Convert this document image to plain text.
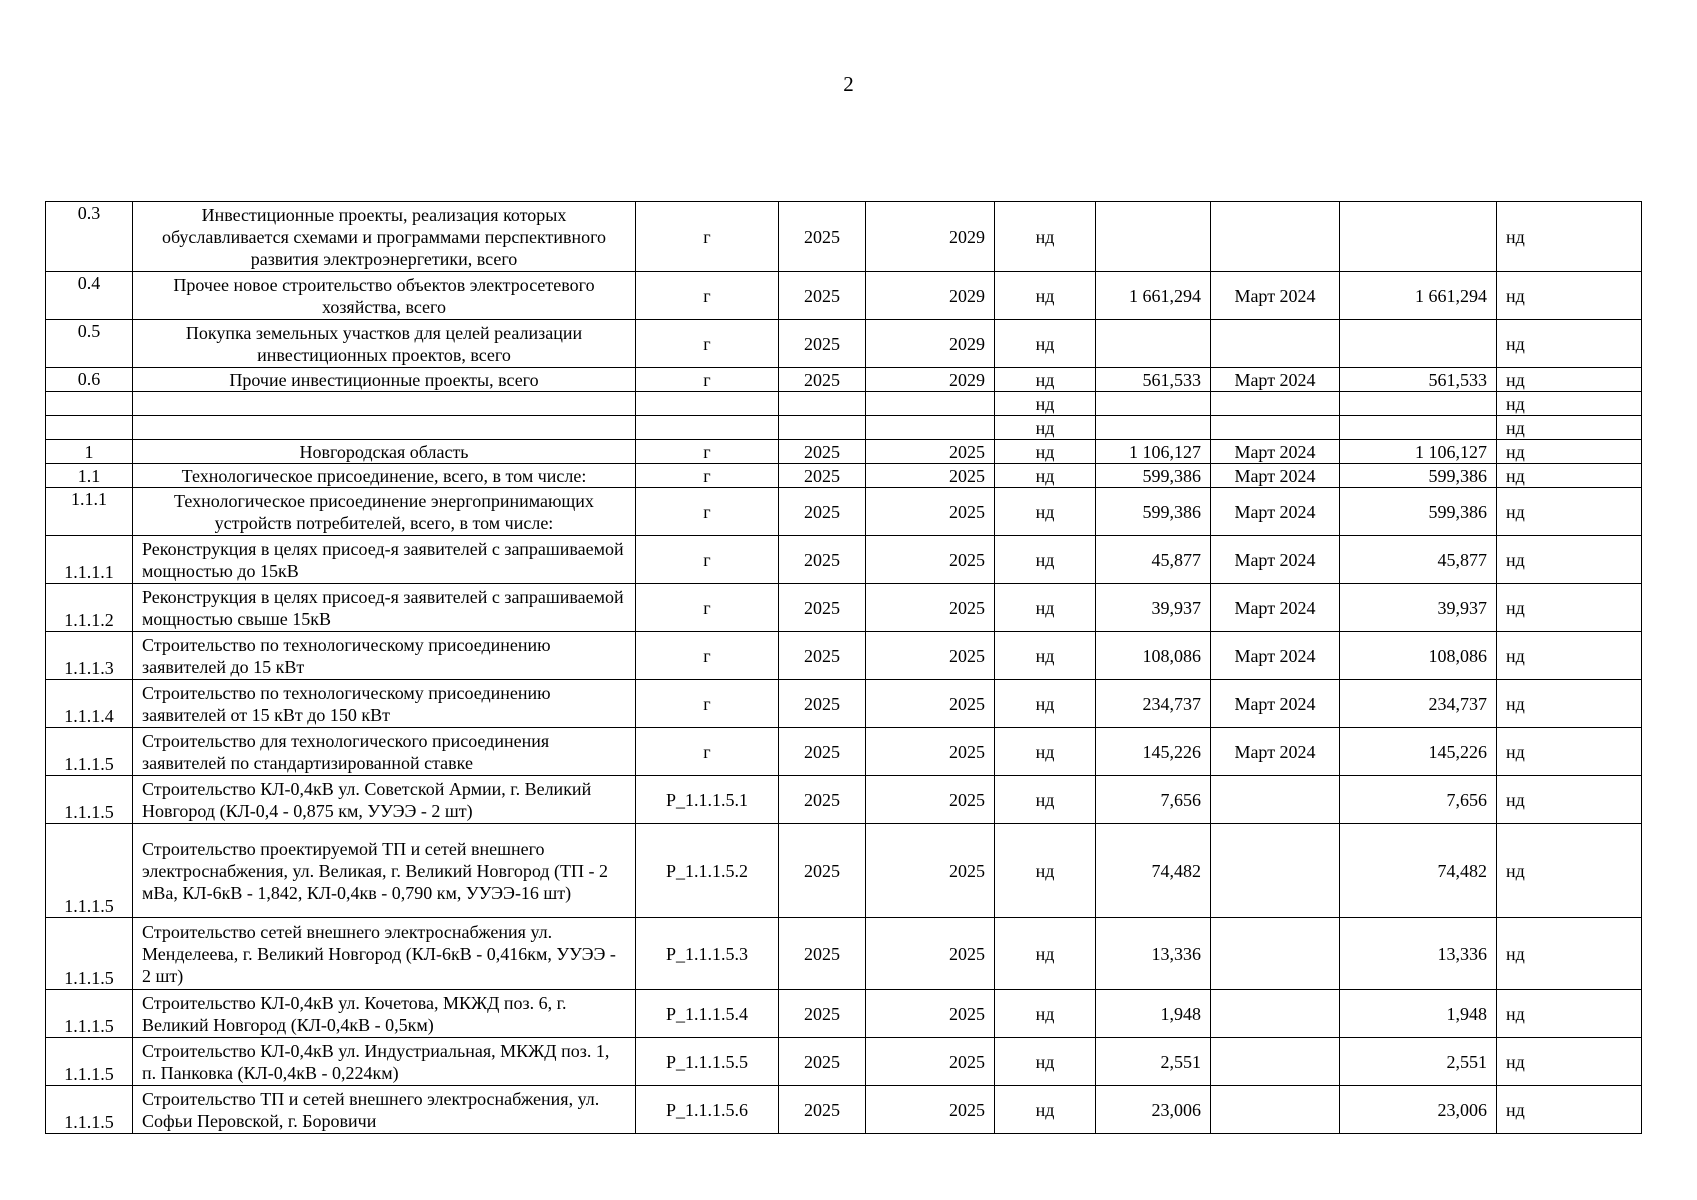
2
0.3	Инвестиционные проекты, реализация которых обуславливается схемами и программами перспективного развития электроэнергетики, всего	г	2025	2029	нд				нд
0.4	Прочее новое строительство объектов электросетевого хозяйства, всего	г	2025	2029	нд	1 661,294	Март 2024	1 661,294	нд
0.5	Покупка земельных участков для целей реализации инвестиционных проектов, всего	г	2025	2029	нд				нд
0.6	Прочие инвестиционные проекты, всего	г	2025	2029	нд	561,533	Март 2024	561,533	нд
					нд				нд
					нд				нд
1	Новгородская область	г	2025	2025	нд	1 106,127	Март 2024	1 106,127	нд
1.1	Технологическое присоединение, всего, в том числе:	г	2025	2025	нд	599,386	Март 2024	599,386	нд
1.1.1	Технологическое присоединение энергопринимающих устройств потребителей, всего, в том числе:	г	2025	2025	нд	599,386	Март 2024	599,386	нд
1.1.1.1	Реконструкция в целях присоед-я заявителей с запрашиваемой мощностью до 15кВ	г	2025	2025	нд	45,877	Март 2024	45,877	нд
1.1.1.2	Реконструкция в целях присоед-я заявителей с запрашиваемой мощностью свыше 15кВ	г	2025	2025	нд	39,937	Март 2024	39,937	нд
1.1.1.3	Строительство по технологическому присоединению заявителей до 15 кВт	г	2025	2025	нд	108,086	Март 2024	108,086	нд
1.1.1.4	Строительство по технологическому присоединению заявителей от 15 кВт до 150 кВт	г	2025	2025	нд	234,737	Март 2024	234,737	нд
1.1.1.5	Строительство для технологического присоединения заявителей по стандартизированной ставке	г	2025	2025	нд	145,226	Март 2024	145,226	нд
1.1.1.5	Строительство КЛ-0,4кВ ул. Советской Армии, г. Великий Новгород (КЛ-0,4 - 0,875 км, УУЭЭ - 2 шт)	P_1.1.1.5.1	2025	2025	нд	7,656		7,656	нд
1.1.1.5	Строительство проектируемой ТП и сетей внешнего электроснабжения, ул. Великая, г. Великий Новгород (ТП - 2 мВа, КЛ-6кВ - 1,842, КЛ-0,4кв - 0,790 км, УУЭЭ-16 шт)	P_1.1.1.5.2	2025	2025	нд	74,482		74,482	нд
1.1.1.5	Строительство сетей внешнего электроснабжения ул. Менделеева, г. Великий Новгород (КЛ-6кВ - 0,416км, УУЭЭ - 2 шт)	P_1.1.1.5.3	2025	2025	нд	13,336		13,336	нд
1.1.1.5	Строительство КЛ-0,4кВ ул. Кочетова, МКЖД поз. 6, г. Великий Новгород (КЛ-0,4кВ - 0,5км)	P_1.1.1.5.4	2025	2025	нд	1,948		1,948	нд
1.1.1.5	Строительство КЛ-0,4кВ ул. Индустриальная, МКЖД поз. 1, п. Панковка (КЛ-0,4кВ - 0,224км)	P_1.1.1.5.5	2025	2025	нд	2,551		2,551	нд
1.1.1.5	Строительство ТП и сетей внешнего электроснабжения, ул. Софьи Перовской, г. Боровичи	P_1.1.1.5.6	2025	2025	нд	23,006		23,006	нд
